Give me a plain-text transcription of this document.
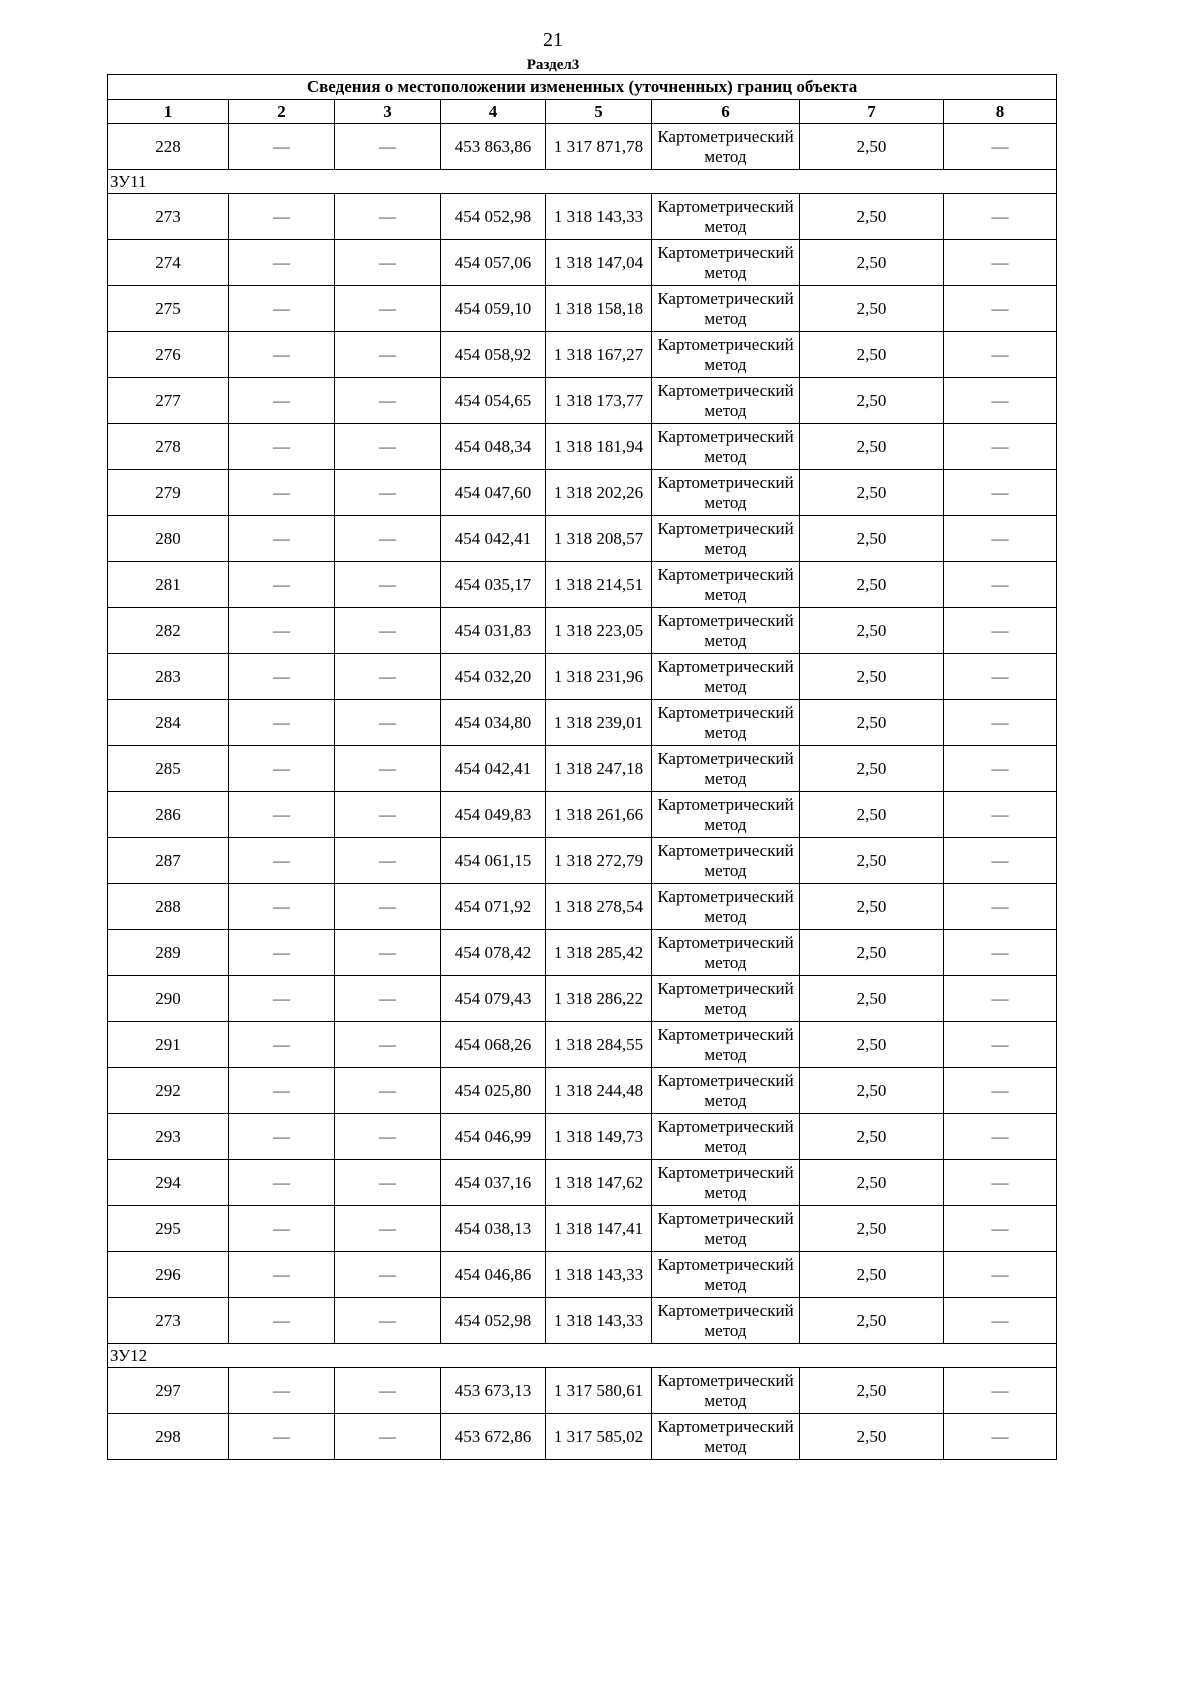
21
Раздел3
Сведения о местоположении измененных (уточненных) границ объекта							
1	2	3	4	5	6	7	8
228	—	—	453 863,86	1 317 871,78	Картометрический метод	2,50	—
ЗУ11							
273	—	—	454 052,98	1 318 143,33	Картометрический метод	2,50	—
274	—	—	454 057,06	1 318 147,04	Картометрический метод	2,50	—
275	—	—	454 059,10	1 318 158,18	Картометрический метод	2,50	—
276	—	—	454 058,92	1 318 167,27	Картометрический метод	2,50	—
277	—	—	454 054,65	1 318 173,77	Картометрический метод	2,50	—
278	—	—	454 048,34	1 318 181,94	Картометрический метод	2,50	—
279	—	—	454 047,60	1 318 202,26	Картометрический метод	2,50	—
280	—	—	454 042,41	1 318 208,57	Картометрический метод	2,50	—
281	—	—	454 035,17	1 318 214,51	Картометрический метод	2,50	—
282	—	—	454 031,83	1 318 223,05	Картометрический метод	2,50	—
283	—	—	454 032,20	1 318 231,96	Картометрический метод	2,50	—
284	—	—	454 034,80	1 318 239,01	Картометрический метод	2,50	—
285	—	—	454 042,41	1 318 247,18	Картометрический метод	2,50	—
286	—	—	454 049,83	1 318 261,66	Картометрический метод	2,50	—
287	—	—	454 061,15	1 318 272,79	Картометрический метод	2,50	—
288	—	—	454 071,92	1 318 278,54	Картометрический метод	2,50	—
289	—	—	454 078,42	1 318 285,42	Картометрический метод	2,50	—
290	—	—	454 079,43	1 318 286,22	Картометрический метод	2,50	—
291	—	—	454 068,26	1 318 284,55	Картометрический метод	2,50	—
292	—	—	454 025,80	1 318 244,48	Картометрический метод	2,50	—
293	—	—	454 046,99	1 318 149,73	Картометрический метод	2,50	—
294	—	—	454 037,16	1 318 147,62	Картометрический метод	2,50	—
295	—	—	454 038,13	1 318 147,41	Картометрический метод	2,50	—
296	—	—	454 046,86	1 318 143,33	Картометрический метод	2,50	—
273	—	—	454 052,98	1 318 143,33	Картометрический метод	2,50	—
ЗУ12							
297	—	—	453 673,13	1 317 580,61	Картометрический метод	2,50	—
298	—	—	453 672,86	1 317 585,02	Картометрический метод	2,50	—
